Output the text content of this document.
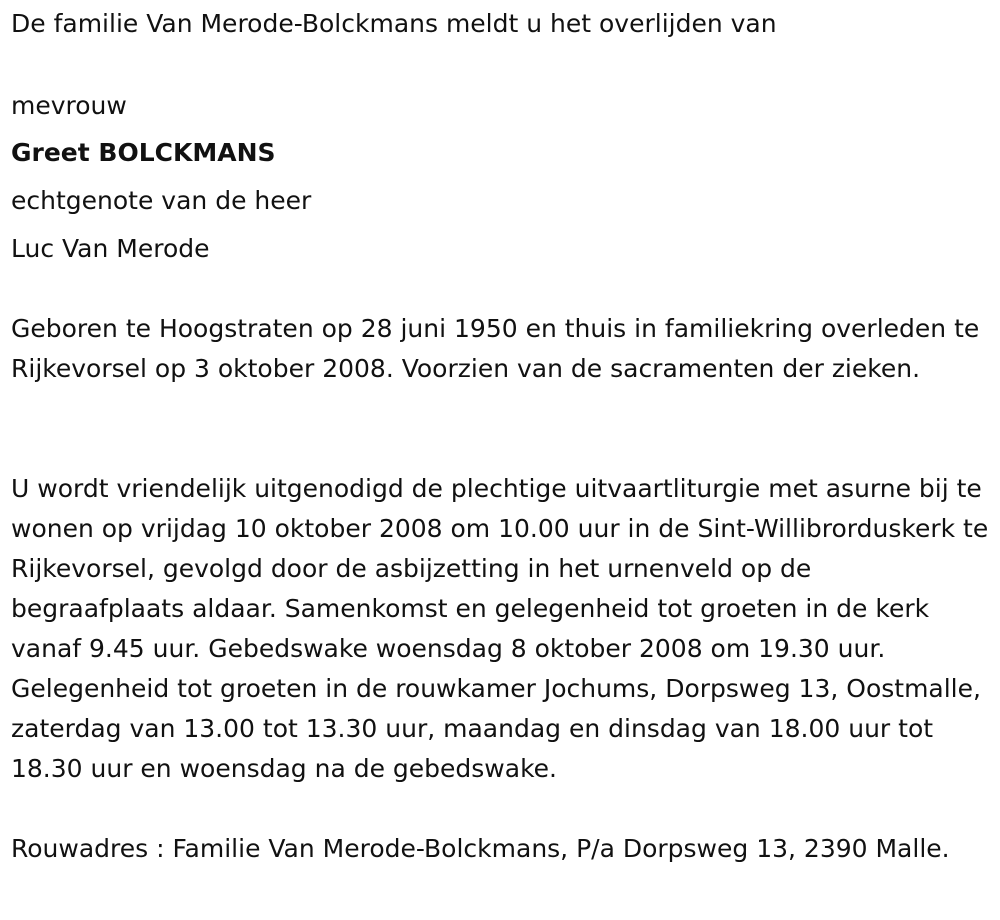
De familie Van Merode-Bolckmans meldt u het overlijden van
mevrouw
Greet BOLCKMANS
echtgenote van de heer
Luc Van Merode

Geboren te Hoogstraten op 28 juni 1950 en thuis in familiekring overleden te Rijkevorsel op 3 oktober 2008. Voorzien van de sacramenten der zieken.

U wordt vriendelijk uitgenodigd de plechtige uitvaartliturgie met asurne bij te wonen op vrijdag 10 oktober 2008 om 10.00 uur in de Sint-Willibrorduskerk te Rijkevorsel, gevolgd door de asbijzetting in het urnenveld op de begraafplaats aldaar. Samenkomst en gelegenheid tot groeten in de kerk vanaf 9.45 uur. Gebedswake woensdag 8 oktober 2008 om 19.30 uur. Gelegenheid tot groeten in de rouwkamer Jochums, Dorpsweg 13, Oostmalle, zaterdag van 13.00 tot 13.30 uur, maandag en dinsdag van 18.00 uur tot 18.30 uur en woensdag na de gebedswake.

Rouwadres : Familie Van Merode-Bolckmans, P/a Dorpsweg 13, 2390 Malle.
